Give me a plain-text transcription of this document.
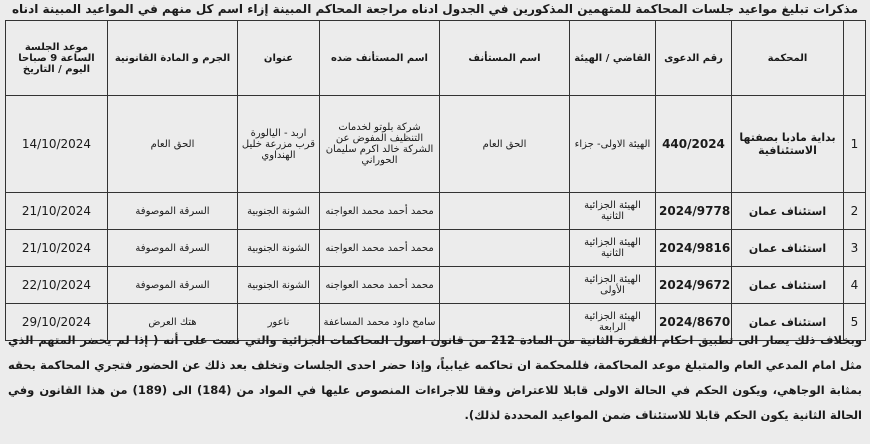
مذكرات تبليغ مواعيد جلسات المحاكمة للمتهمين المذكورين في الجدول ادناه مراجعة المحاكم المبينة إزاء اسم كل منهم في المواعيد المبينة ادناه
	المحكمة	رقم الدعوى	القاضي / الهيئة	اسم المستأنف	اسم المستأنف ضده	عنوان	الجرم و المادة القانونية	موعد الجلسة الساعة 9 صباحا اليوم / التاريخ
1	بداية مادبا بصفتها الاستئنافية	440/2024	الهيئة الاولى- جزاء	الحق العام	شركة بلوتو لخدمات التنظيف المفوض عن الشركة خالد اكرم سليمان الحوراني	اربد - اليالورة قرب مزرعة خليل الهنداوي	الحق العام	14/10/2024
2	استئناف عمان	2024/9778	الهيئة الجزائية الثانية		محمد أحمد محمد العواجنه	الشونة الجنوبية	السرقة الموصوفة	21/10/2024
3	استئناف عمان	2024/9816	الهيئة الجزائية الثانية		محمد أحمد محمد العواجنه	الشونة الجنوبية	السرقة الموصوفة	21/10/2024
4	استئناف عمان	2024/9672	الهيئة الجزائية الأولى		محمد أحمد محمد العواجنه	الشونة الجنوبية	السرقة الموصوفة	22/10/2024
5	استئناف عمان	2024/8670	الهيئة الجزائية الرابعة		سامح داود محمد المساعفة	ناعور	هتك العرض	29/10/2024
وبخلاف ذلك يصار الى تطبيق احكام الفقرة الثانية من المادة 212 من قانون اصول المحاكمات الجزائية والتي نصت على أنه ( إذا لم يحضر المتهم الذي مثل امام المدعي العام والمتبلغ موعد المحاكمة، فللمحكمة ان تحاكمه غيابياً، وإذا حضر احدى الجلسات وتخلف بعد ذلك عن الحضور فتجري المحاكمة بحقه بمثابة الوجاهي، ويكون الحكم في الحالة الاولى قابلا للاعتراض وفقا للاجراءات المنصوص عليها في المواد من (184) الى (189) من هذا القانون وفي الحالة الثانية يكون الحكم قابلا للاستئناف ضمن المواعيد المحددة لذلك).
